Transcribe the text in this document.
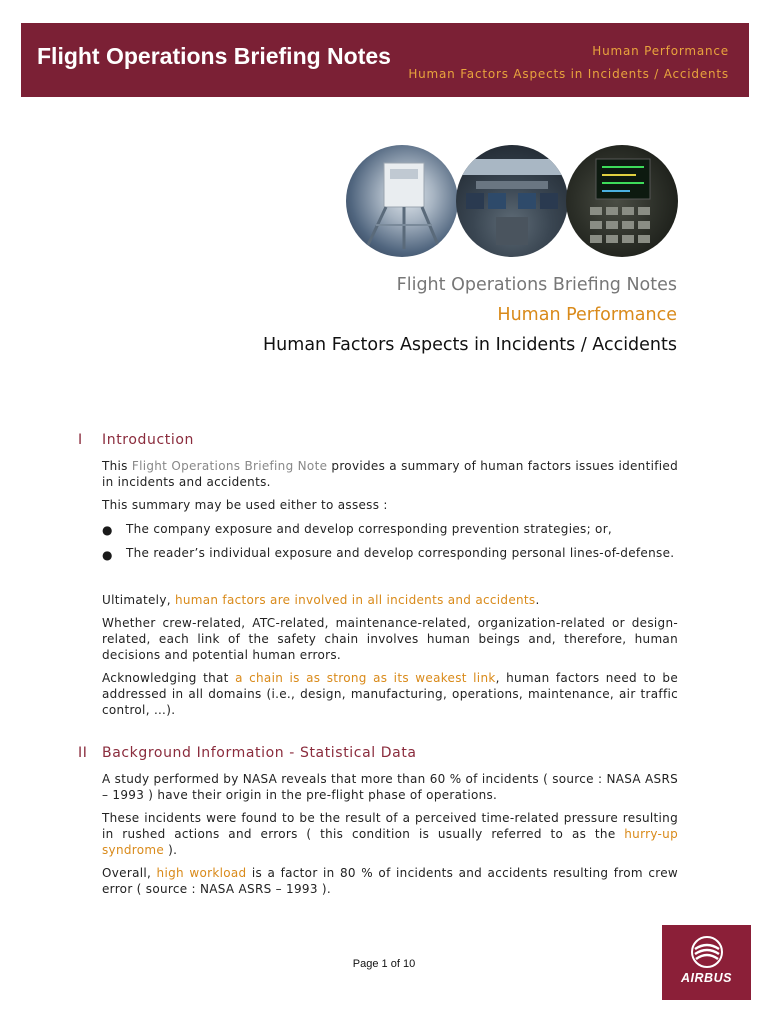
Flight Operations Briefing Notes	Human Performance
Human Factors Aspects in Incidents / Accidents
Flight Operations Briefing Notes
Human Performance
Human Factors Aspects in Incidents / Accidents
I Introduction

This Flight Operations Briefing Note provides a summary of human factors issues identified in incidents and accidents.

This summary may be used either to assess :

● The company exposure and develop corresponding prevention strategies; or,

● The reader’s individual exposure and develop corresponding personal lines-of-defense.

Ultimately, human factors are involved in all incidents and accidents.

Whether crew-related, ATC-related, maintenance-related, organization-related or design-related, each link of the safety chain involves human beings and, therefore, human decisions and potential human errors.

Acknowledging that a chain is as strong as its weakest link, human factors need to be addressed in all domains (i.e., design, manufacturing, operations, maintenance, air traffic control, …).

II Background Information - Statistical Data

A study performed by NASA reveals that more than 60 % of incidents ( source : NASA ASRS – 1993 ) have their origin in the pre-flight phase of operations.

These incidents were found to be the result of a perceived time-related pressure resulting in rushed actions and errors ( this condition is usually referred to as the hurry-up syndrome ).

Overall, high workload is a factor in 80 % of incidents and accidents resulting from crew error ( source : NASA ASRS – 1993 ).

Page 1 of 10
AIRBUS
